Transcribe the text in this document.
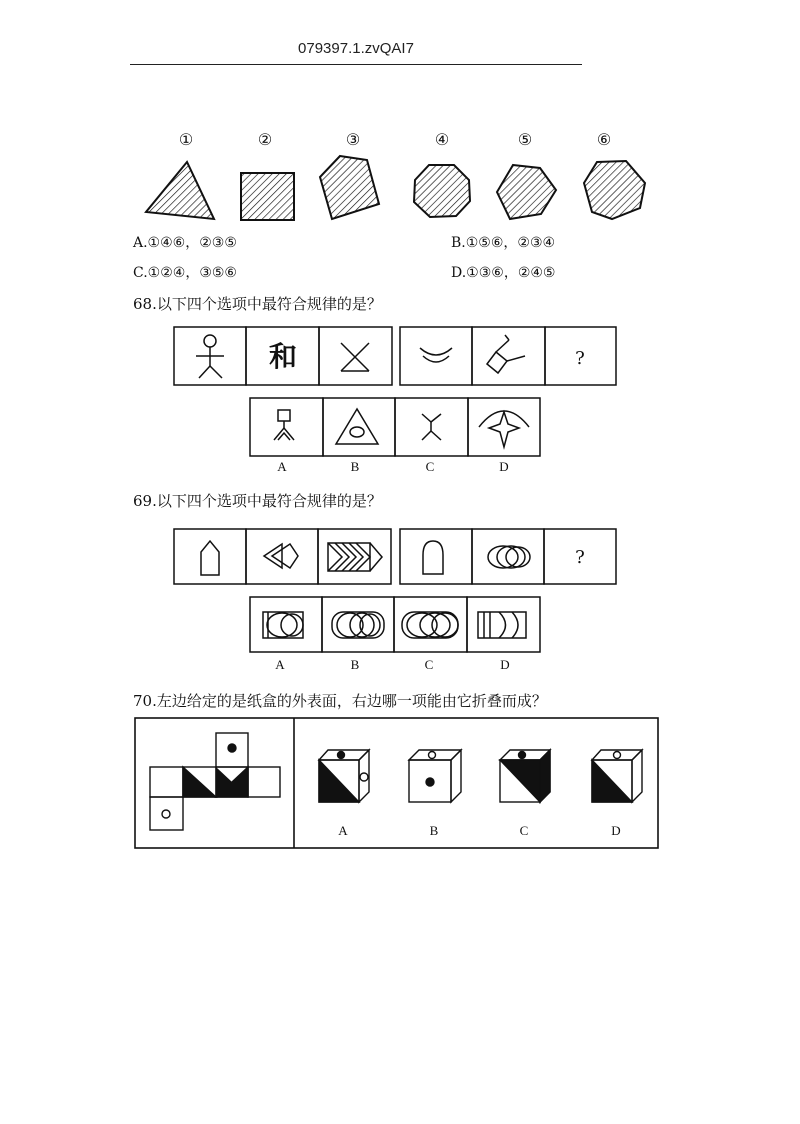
079397.1.zvQAI7
①	②	③	④	⑤	⑥
A.①④⑥，②③⑤	B.①⑤⑥，②③④
C.①②④，③⑤⑥	D.①③⑥，②④⑤
68.以下四个选项中最符合规律的是？
和	?
A	B	C	D
69.以下四个选项中最符合规律的是？
?
A	B	C	D
70.左边给定的是纸盒的外表面，右边哪一项能由它折叠而成？
A	B	C	D
